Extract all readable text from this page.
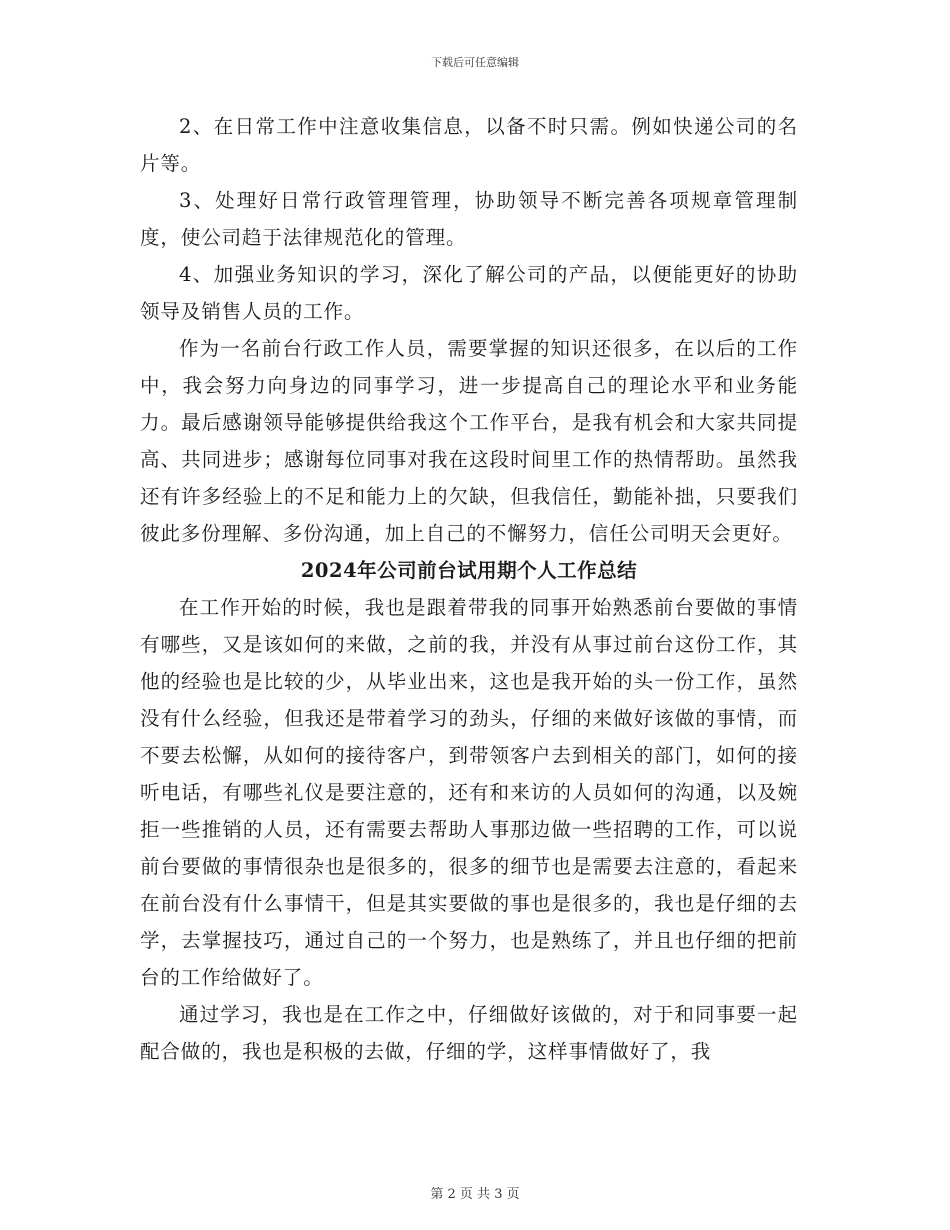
下载后可任意编辑

2、在日常工作中注意收集信息，以备不时只需。例如快递公司的名片等。

3、处理好日常行政管理管理，协助领导不断完善各项规章管理制度，使公司趋于法律规范化的管理。

4、加强业务知识的学习，深化了解公司的产品，以便能更好的协助领导及销售人员的工作。

作为一名前台行政工作人员，需要掌握的知识还很多，在以后的工作中，我会努力向身边的同事学习，进一步提高自己的理论水平和业务能力。最后感谢领导能够提供给我这个工作平台，是我有机会和大家共同提高、共同进步；感谢每位同事对我在这段时间里工作的热情帮助。虽然我还有许多经验上的不足和能力上的欠缺，但我信任，勤能补拙，只要我们彼此多份理解、多份沟通，加上自己的不懈努力，信任公司明天会更好。

2024年公司前台试用期个人工作总结

在工作开始的时候，我也是跟着带我的同事开始熟悉前台要做的事情有哪些，又是该如何的来做，之前的我，并没有从事过前台这份工作，其他的经验也是比较的少，从毕业出来，这也是我开始的头一份工作，虽然没有什么经验，但我还是带着学习的劲头，仔细的来做好该做的事情，而不要去松懈，从如何的接待客户，到带领客户去到相关的部门，如何的接听电话，有哪些礼仪是要注意的，还有和来访的人员如何的沟通，以及婉拒一些推销的人员，还有需要去帮助人事那边做一些招聘的工作，可以说前台要做的事情很杂也是很多的，很多的细节也是需要去注意的，看起来在前台没有什么事情干，但是其实要做的事也是很多的，我也是仔细的去学，去掌握技巧，通过自己的一个努力，也是熟练了，并且也仔细的把前台的工作给做好了。

通过学习，我也是在工作之中，仔细做好该做的，对于和同事要一起配合做的，我也是积极的去做，仔细的学，这样事情做好了，我

第 2 页 共 3 页
